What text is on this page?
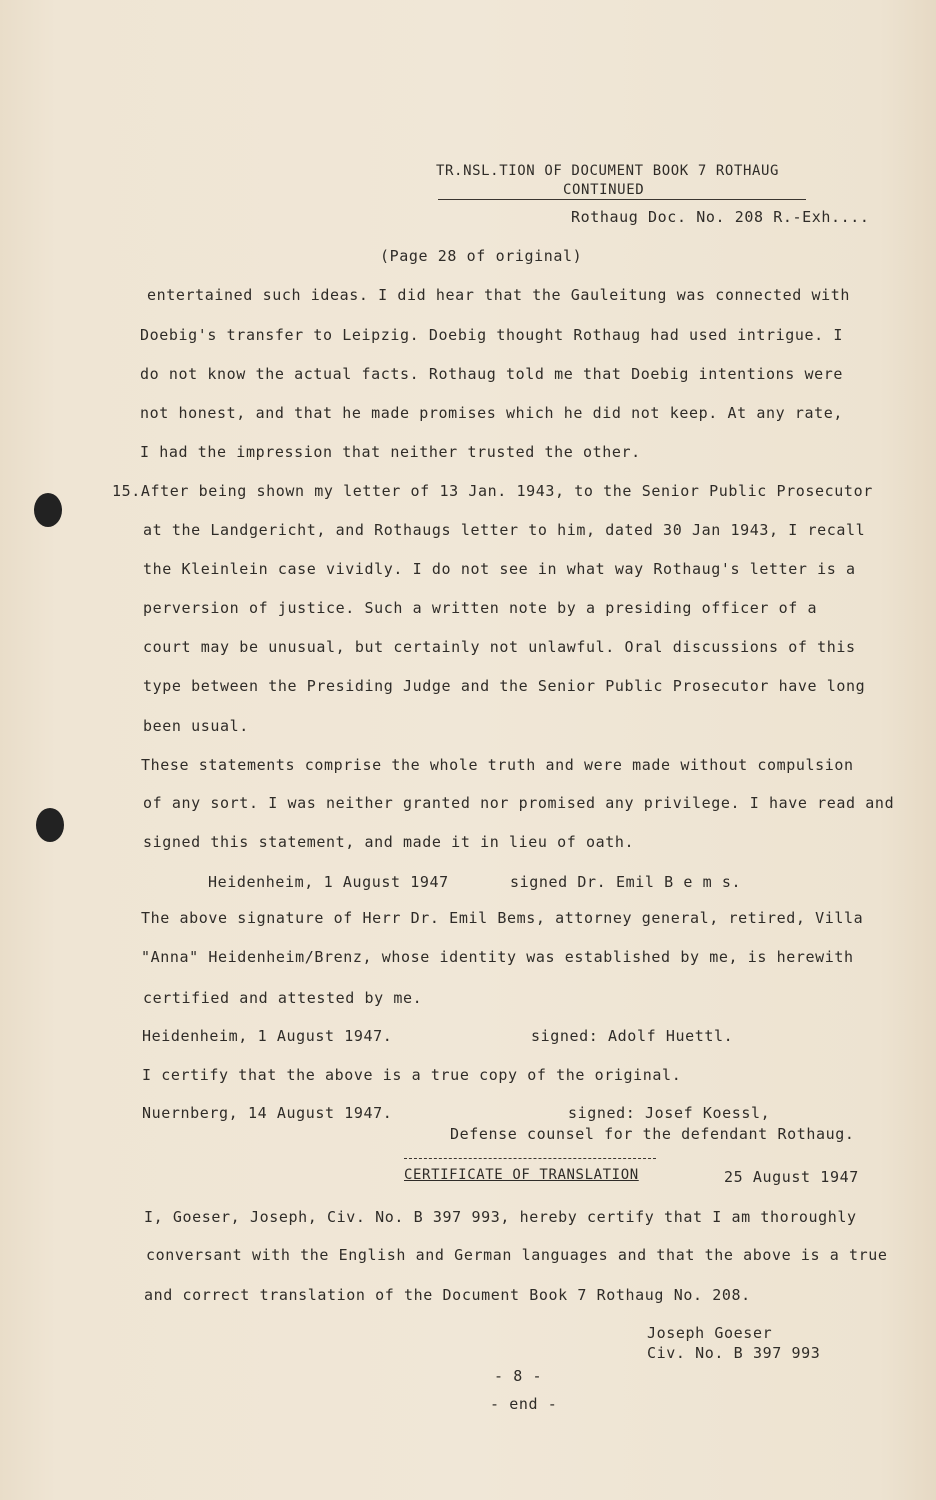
TR.NSL.TION OF DOCUMENT BOOK 7 ROTHAUG
CONTINUED
Rothaug Doc. No. 208 R.-Exh....
(Page 28 of original)
entertained such ideas. I did hear that the Gauleitung was connected with
Doebig's transfer to Leipzig. Doebig thought Rothaug had used intrigue. I
do not know the actual facts. Rothaug told me that Doebig intentions were
not honest, and that he made promises which he did not keep. At any rate,
I had the impression that neither trusted the other.
15.After being shown my letter of 13 Jan. 1943, to the Senior Public Prosecutor
at the Landgericht, and Rothaugs letter to him, dated 30 Jan 1943, I recall
the Kleinlein case vividly. I do not see in what way Rothaug's letter is a
perversion of justice. Such a written note by a presiding officer of a
court may be unusual, but certainly not unlawful. Oral discussions of this
type between the Presiding Judge and the Senior Public Prosecutor have long
been usual.
These statements comprise the whole truth and were made without compulsion
of any sort. I was neither granted nor promised any privilege. I have read and
signed this statement, and made it in lieu of oath.
Heidenheim, 1 August 1947	signed Dr. Emil B e m s.
The above signature of Herr Dr. Emil Bems, attorney general, retired, Villa
"Anna" Heidenheim/Brenz, whose identity was established by me, is herewith
certified and attested by me.
Heidenheim, 1 August 1947.	signed: Adolf Huettl.
I certify that the above is a true copy of the original.
Nuernberg, 14 August 1947.	signed: Josef Koessl,
Defense counsel for the defendant Rothaug.
CERTIFICATE OF TRANSLATION	25 August 1947
I, Goeser, Joseph, Civ. No. B 397 993, hereby certify that I am thoroughly
conversant with the English and German languages and that the above is a true
and correct translation of the Document Book 7 Rothaug No. 208.
Joseph Goeser
Civ. No. B 397 993
- 8 -
- end -
